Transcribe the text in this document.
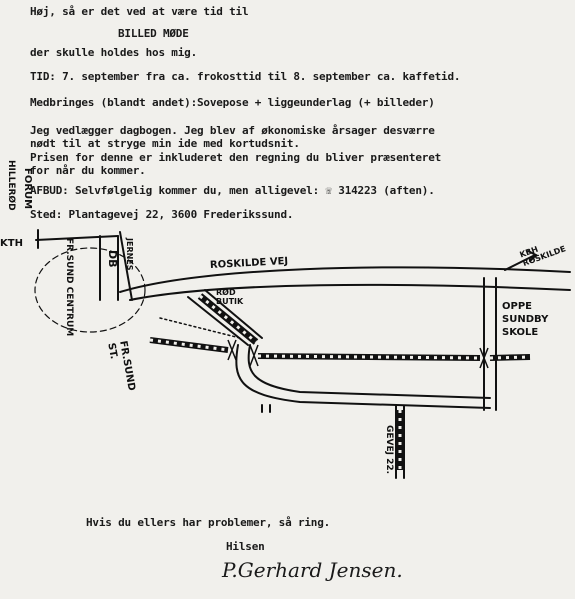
Høj, så er det ved at være tid til
BILLED MØDE
der skulle holdes hos mig.
TID: 7. september fra ca. frokosttid til 8. september ca. kaffetid.
Medbringes (blandt andet):Sovepose + liggeunderlag (+ billeder)
Jeg vedlægger dagbogen. Jeg blev af økonomiske årsager desværre
nødt til at stryge min ide med kortudsnit.
Prisen for denne er inkluderet den regning du bliver præsenteret
for når du kommer.
AFBUD: Selvfølgelig kommer du, men alligevel: ☏ 314223 (aften).
Sted: Plantagevej 22, 3600 Frederikssund.
HILLERØD FORUM
KTH	FR.SUND CENTRUM	DB JERNES	ROSKILDE VEJ
KBH ROSKILDE
RØD BUTIK	OPPE SUNDBY SKOLE
FR.SUND ST.
GEVEJ 22.
Hvis du ellers har problemer, så ring.
Hilsen
P.Gerhard Jensen.
